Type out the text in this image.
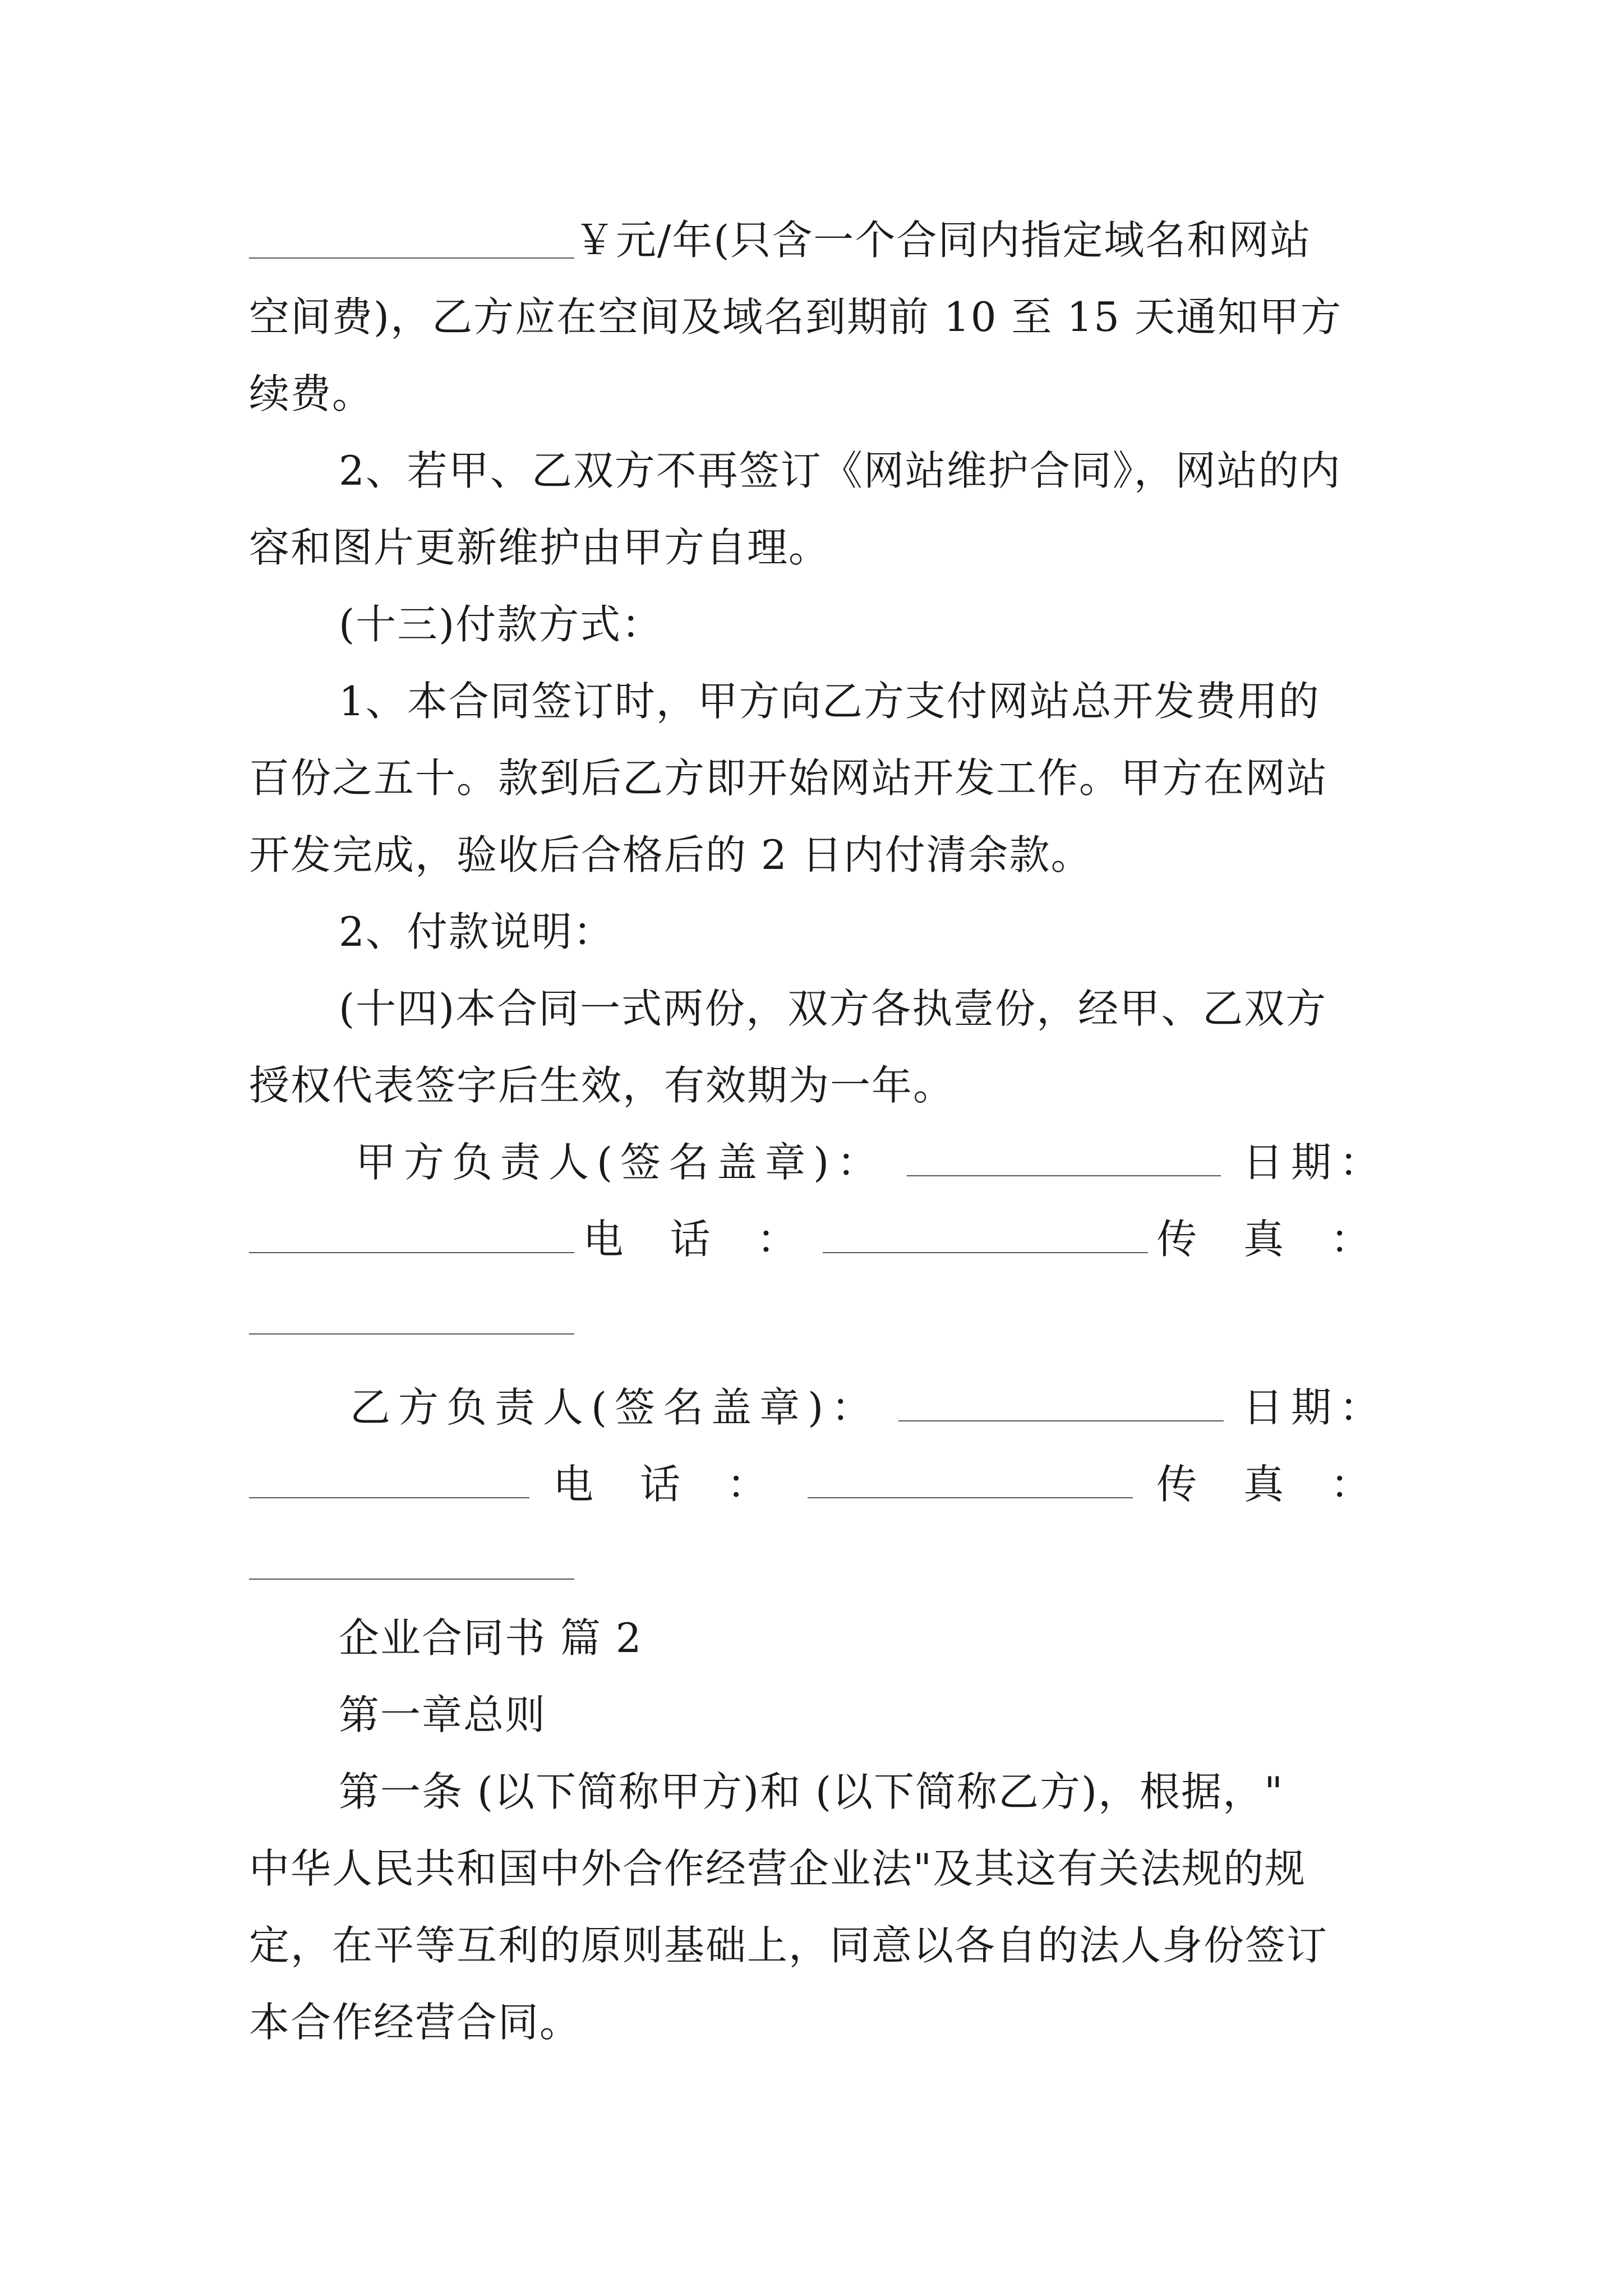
￥元/年(只含一个合同内指定域名和网站
空间费)，乙方应在空间及域名到期前 10 至 15 天通知甲方
续费。
2、若甲、乙双方不再签订《网站维护合同》，网站的内
容和图片更新维护由甲方自理。
(十三)付款方式：
1、本合同签订时，甲方向乙方支付网站总开发费用的
百份之五十。款到后乙方即开始网站开发工作。甲方在网站
开发完成，验收后合格后的 2 日内付清余款。
2、付款说明：
(十四)本合同一式两份，双方各执壹份，经甲、乙双方
授权代表签字后生效，有效期为一年。
甲方负责人(签名盖章)：	日期：
电 话 ：	传 真 ：
乙方负责人(签名盖章)：	日期：
电 话 ：	传 真 ：
企业合同书 篇 2
第一章总则
第一条 (以下简称甲方)和 (以下简称乙方)，根据，"
中华人民共和国中外合作经营企业法"及其这有关法规的规
定，在平等互利的原则基础上，同意以各自的法人身份签订
本合作经营合同。
